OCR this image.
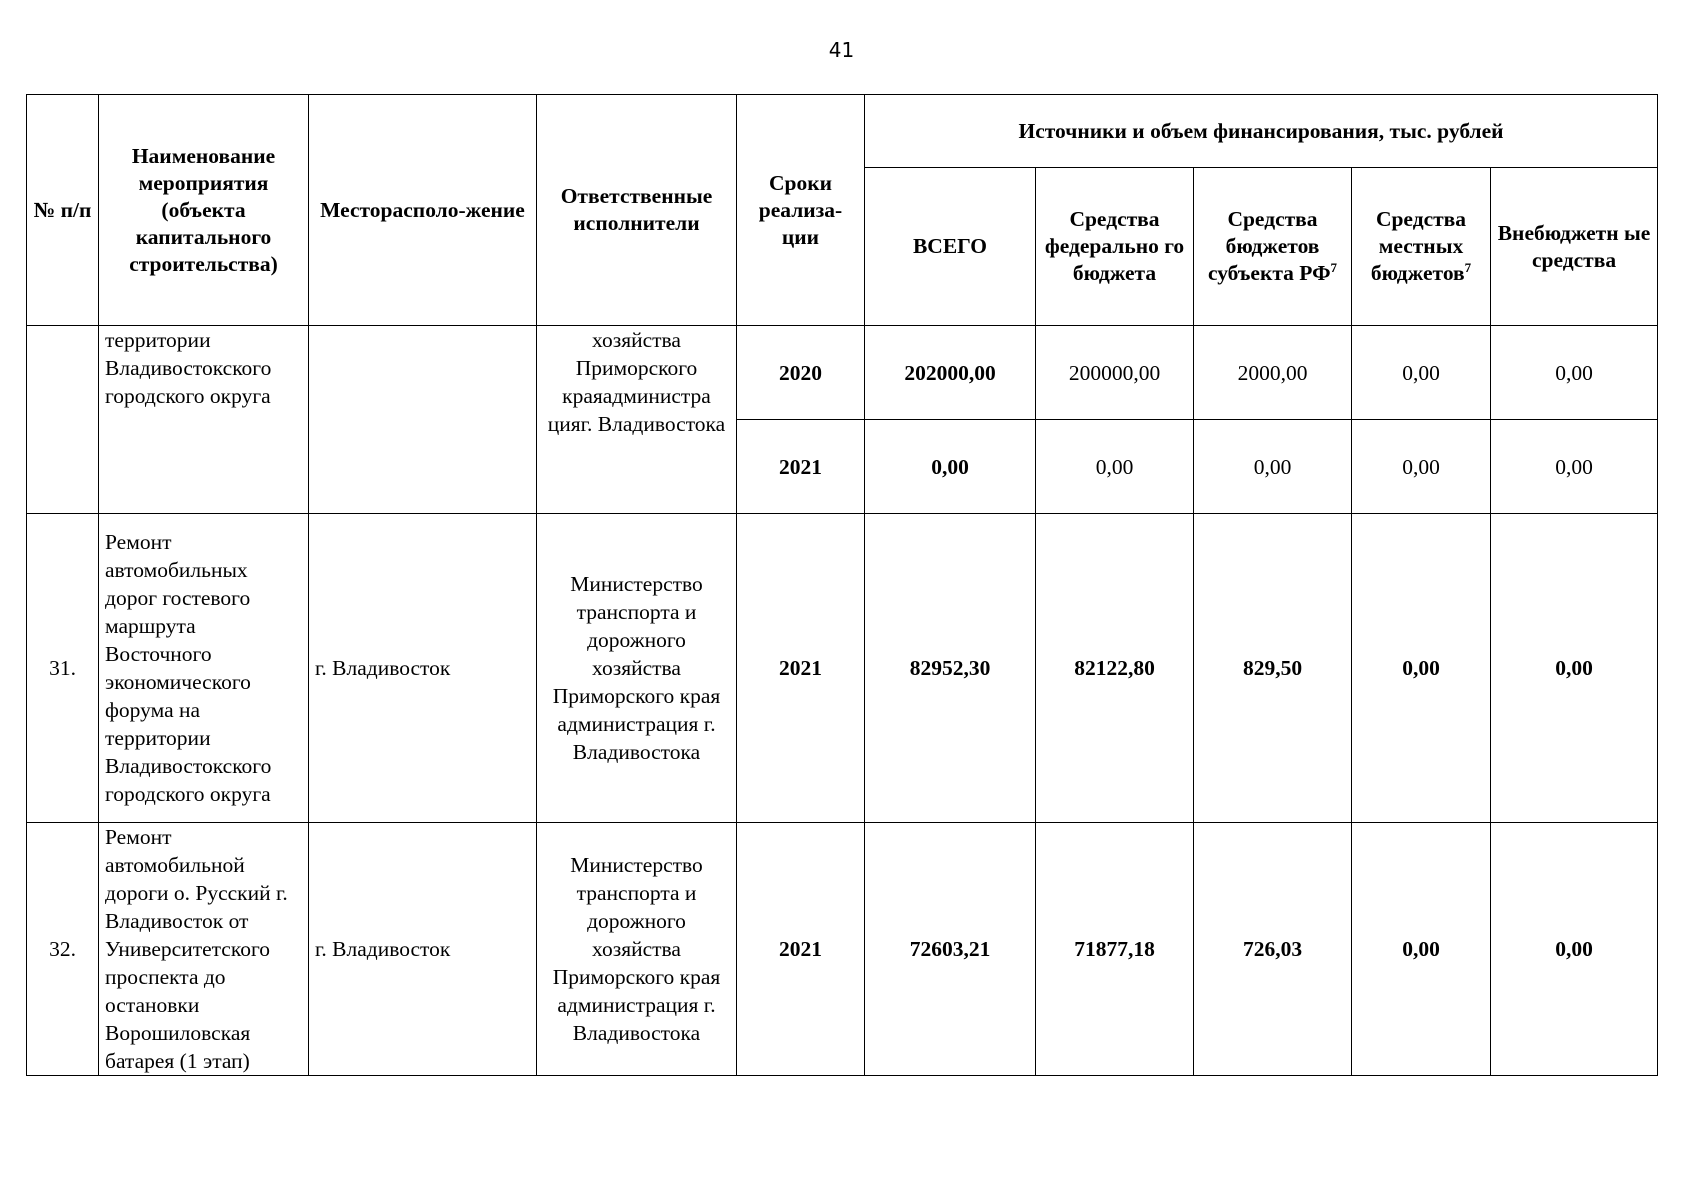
41
№ п/п	Наименование мероприятия (объекта капитального строительства)	Месторасполо-жение	Ответственные исполнители	Сроки реализа-ции	Источники и объем финансирования, тыс. рублей				
					ВСЕГО	Средства федерально го бюджета	Средства бюджетов субъекта $РФ^7$	Средства местных бюджетов$^7$	Внебюджетн ые средства
	территории Владивостокского городского округа		хозяйства Приморского краяадминистра цияг. Владивостока	2020	202000,00	200000,00	2000,00	0,00	0,00
				2021	0,00	0,00	0,00	0,00	0,00
31.	Ремонт автомобильных дорог гостевого маршрута Восточного экономического форума на территории Владивостокского городского округа	г. Владивосток	Министерство транспорта и дорожного хозяйства Приморского края администрация г. Владивостока	2021	82952,30	82122,80	829,50	0,00	0,00
32.	Ремонт автомобильной дороги о. Русский г. Владивосток от Университетского проспекта до остановки Ворошиловская батарея (1 этап)	г. Владивосток	Министерство транспорта и дорожного хозяйства Приморского края администрация г. Владивостока	2021	72603,21	71877,18	726,03	0,00	0,00
